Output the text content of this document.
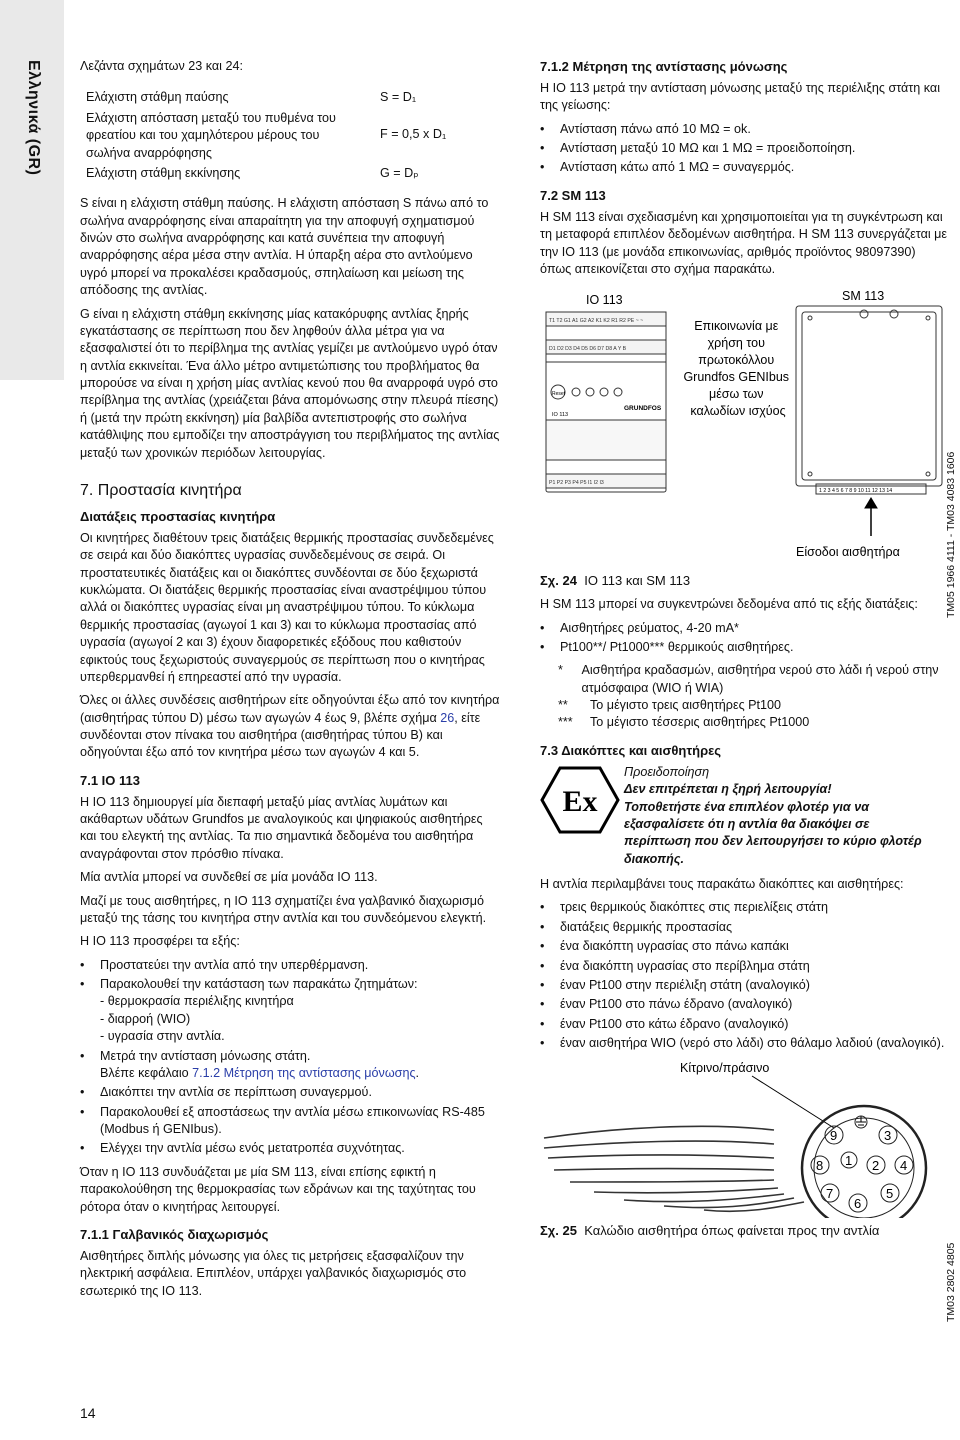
Ελληνικά (GR)	Λεζάντα σχημάτων 23 και 24:

Ελάχιστη στάθμη παύσης	S = D₁
Ελάχιστη απόσταση μεταξύ του πυθμένα του φρεατίου και του χαμηλότερου μέρους του σωλήνα αναρρόφησης	F = 0,5 x D₁
Ελάχιστη στάθμη εκκίνησης	G = Dₚ

S είναι η ελάχιστη στάθμη παύσης. Η ελάχιστη απόσταση S πάνω από το σωλήνα αναρρόφησης είναι απαραίτητη για την αποφυγή σχηματισμού δινών στο σωλήνα αναρρόφησης και κατά συνέπεια την αποφυγή αναρρόφησης αέρα μέσα στην αντλία. Η ύπαρξη αέρα στο αντλούμενο υγρό μπορεί να προκαλέσει κραδασμούς, σπηλαίωση και μείωση της απόδοσης της αντλίας.

G είναι η ελάχιστη στάθμη εκκίνησης μίας κατακόρυφης αντλίας ξηρής εγκατάστασης σε περίπτωση που δεν ληφθούν άλλα μέτρα για να εξασφαλιστεί ότι το περίβλημα της αντλίας γεμίζει με αντλούμενο υγρό όταν η αντλία εκκινείται. Ένα άλλο μέτρο αντιμετώπισης του προβλήματος θα μπορούσε να είναι η χρήση μίας αντλίας κενού που θα αναρροφά υγρό στο περίβλημα της αντλίας (χρειάζεται βάνα απομόνωσης στην πλευρά πίεσης) ή (μετά την πρώτη εκκίνηση) μία βαλβίδα αντεπιστροφής στο σωλήνα κατάθλιψης που εμποδίζει την αποστράγγιση του περιβλήματος της αντλίας μεταξύ των χρονικών περιόδων λειτουργίας.

7. Προστασία κινητήρα
Διατάξεις προστασίας κινητήρα

Οι κινητήρες διαθέτουν τρεις διατάξεις θερμικής προστασίας συνδεδεμένες σε σειρά και δύο διακόπτες υγρασίας συνδεδεμένους σε σειρά. Οι προστατευτικές διατάξεις και οι διακόπτες συνδέονται σε δύο ξεχωριστά κυκλώματα. Οι διατάξεις θερμικής προστασίας είναι αναστρέψιμου τύπου αλλά οι διακόπτες υγρασίας είναι μη αναστρέψιμου τύπου. Το κύκλωμα θερμικής προστασίας (αγωγοί 1 και 3) και το κύκλωμα προστασίας από υγρασία (αγωγοί 2 και 3) έχουν διαφορετικές εξόδους που καθιστούν εφικτούς τους ξεχωριστούς συναγερμούς σε περίπτωση που ο κινητήρας υπερθερμανθεί ή επηρεαστεί από την υγρασία.

Όλες οι άλλες συνδέσεις αισθητήρων είτε οδηγούνται έξω από τον κινητήρα (αισθητήρας τύπου D) μέσω των αγωγών 4 έως 9, βλέπε σχήμα 26, είτε συνδέονται στον πίνακα του αισθητήρα (αισθητήρας τύπου B) και οδηγούνται έξω από τον κινητήρα μέσω των αγωγών 4 και 5.

7.1 IO 113

Η IO 113 δημιουργεί μία διεπαφή μεταξύ μίας αντλίας λυμάτων και ακάθαρτων υδάτων Grundfos με αναλογικούς και ψηφιακούς αισθητήρες και του ελεγκτή της αντλίας. Τα πιο σημαντικά δεδομένα του αισθητήρα αναγράφονται στον πρόσθιο πίνακα.

Μία αντλία μπορεί να συνδεθεί σε μία μονάδα IO 113.

Μαζί με τους αισθητήρες, η IO 113 σχηματίζει ένα γαλβανικό διαχωρισμό μεταξύ της τάσης του κινητήρα στην αντλία και του συνδεόμενου ελεγκτή.

Η IO 113 προσφέρει τα εξής:

• Προστατεύει την αντλία από την υπερθέρμανση.
• Παρακολουθεί την κατάσταση των παρακάτω ζητημάτων:
- θερμοκρασία περιέλιξης κινητήρα
- διαρροή (WIO)
- υγρασία στην αντλία.
• Μετρά την αντίσταση μόνωσης στάτη.
Βλέπε κεφάλαιο 7.1.2 Μέτρηση της αντίστασης μόνωσης.
• Διακόπτει την αντλία σε περίπτωση συναγερμού.
• Παρακολουθεί εξ αποστάσεως την αντλία μέσω επικοινωνίας RS-485 (Modbus ή GENIbus).
• Ελέγχει την αντλία μέσω ενός μετατροπέα συχνότητας.

Όταν η IO 113 συνδυάζεται με μία SM 113, είναι επίσης εφικτή η παρακολούθηση της θερμοκρασίας των εδράνων και της ταχύτητας του ρότορα όταν ο κινητήρας λειτουργεί.

7.1.1 Γαλβανικός διαχωρισμός

Αισθητήρες διπλής μόνωσης για όλες τις μετρήσεις εξασφαλίζουν την ηλεκτρική ασφάλεια. Επιπλέον, υπάρχει γαλβανικός διαχωρισμός στο εσωτερικό της IO 113.

7.1.2 Μέτρηση της αντίστασης μόνωσης

Η IO 113 μετρά την αντίσταση μόνωσης μεταξύ της περιέλιξης στάτη και της γείωσης:

• Αντίσταση πάνω από 10 MΩ = ok.
• Αντίσταση μεταξύ 10 MΩ και 1 MΩ = προειδοποίηση.
• Αντίσταση κάτω από 1 MΩ = συναγερμός.
7.2 SM 113

Η SM 113 είναι σχεδιασμένη και χρησιμοποιείται για τη συγκέντρωση και τη μεταφορά επιπλέον δεδομένων αισθητήρα. Η SM 113 συνεργάζεται με την IO 113 (με μονάδα επικοινωνίας, αριθμός προϊόντος 98097390) όπως απεικονίζεται στο σχήμα παρακάτω.

IO 113	SM 113
T1 T2 G1 A1 G2 A2 K1 K2 R1 R2 PE ~ ~
D1 D2 D3 D4 D5 D6 D7 D8 A Y B
P1 P2 P3 P4 P5 I1 I2 I3
Reset
GRUNDFOS
IO 113
Επικοινωνία με χρήση του πρωτοκόλλου Grundfos GENIbus μέσω των καλωδίων ισχύος
1 2 3 4 5 6 7 8 9 10 11 12 13 14
Είσοδοι αισθητήρα

Σχ. 24 IO 113 και SM 113

Η SM 113 μπορεί να συγκεντρώνει δεδομένα από τις εξής διατάξεις:

• Αισθητήρες ρεύματος, 4-20 mA*
• Pt100**/ Pt1000*** θερμικούς αισθητήρες.
*	Αισθητήρα κραδασμών, αισθητήρα νερού στο λάδι ή νερού στην ατμόσφαιρα (WIO ή WIA)
**	Το μέγιστο τρεις αισθητήρες Pt100
***	Το μέγιστο τέσσερις αισθητήρες Pt1000
7.3 Διακόπτες και αισθητήρες
Ex
Προειδοποίηση
Δεν επιτρέπεται η ξηρή λειτουργία!
Τοποθετήστε ένα επιπλέον φλοτέρ για να εξασφαλίσετε ότι η αντλία θα διακόψει σε περίπτωση που δεν λειτουργήσει το κύριο φλοτέρ διακοπής.

Η αντλία περιλαμβάνει τους παρακάτω διακόπτες και αισθητήρες:

• τρεις θερμικούς διακόπτες στις περιελίξεις στάτη
• διατάξεις θερμικής προστασίας
• ένα διακόπτη υγρασίας στο πάνω καπάκι
• ένα διακόπτη υγρασίας στο περίβλημα στάτη
• έναν Pt100 στην περιέλιξη στάτη (αναλογικό)
• έναν Pt100 στο πάνω έδρανο (αναλογικό)
• έναν Pt100 στο κάτω έδρανο (αναλογικό)
• έναν αισθητήρα WIO (νερό στο λάδι) στο θάλαμο λαδιού (αναλογικό).
Κίτρινο/πράσινο
9	3
8 1 2 4
7
6
5

Σχ. 25 Καλώδιο αισθητήρα όπως φαίνεται προς την αντλία

TM05 1966 4111 - TM03 4083 1606
TM03 2802 4805
14
